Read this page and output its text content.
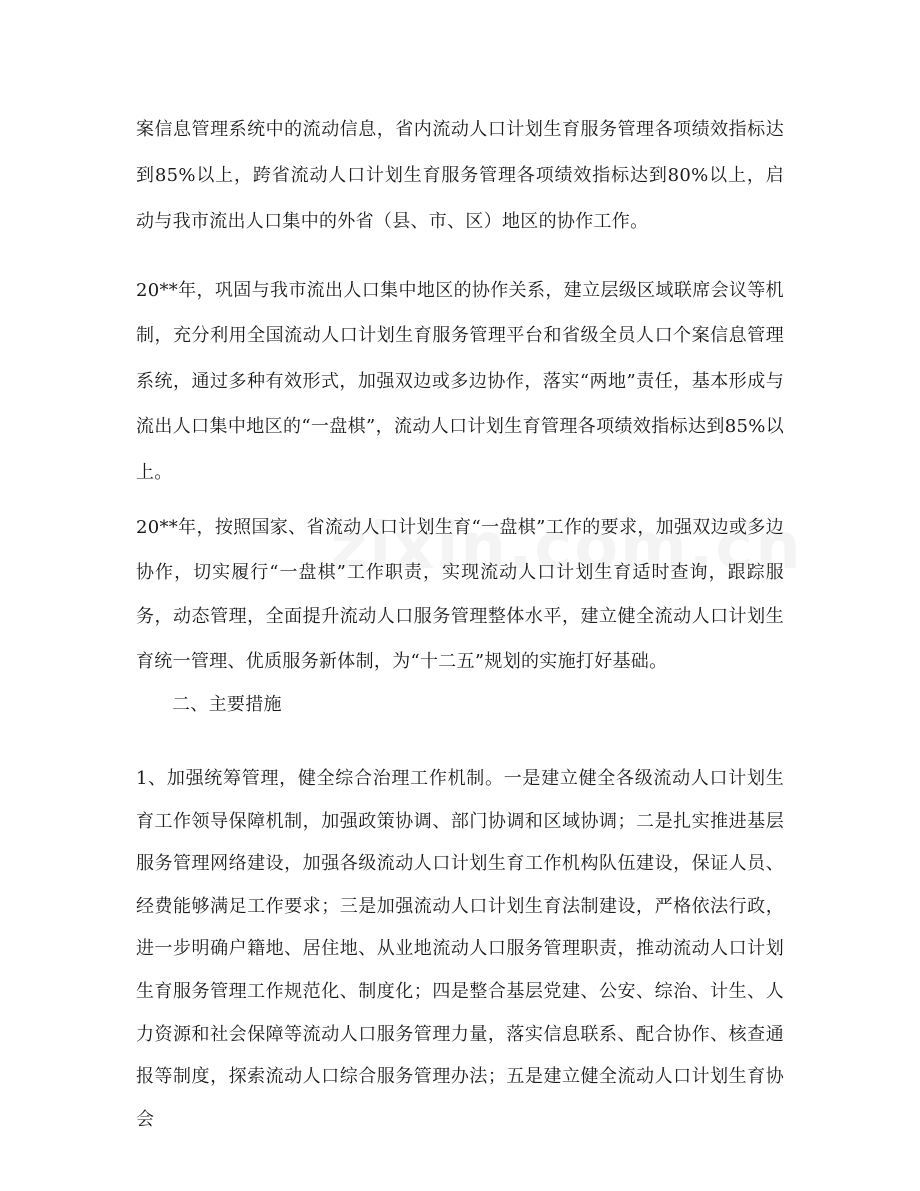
案信息管理系统中的流动信息，省内流动人口计划生育服务管理各项绩效指标达到85%以上，跨省流动人口计划生育服务管理各项绩效指标达到80%以上，启动与我市流出人口集中的外省（县、市、区）地区的协作工作。

20**年，巩固与我市流出人口集中地区的协作关系，建立层级区域联席会议等机制，充分利用全国流动人口计划生育服务管理平台和省级全员人口个案信息管理系统，通过多种有效形式，加强双边或多边协作，落实“两地”责任，基本形成与流出人口集中地区的“一盘棋”，流动人口计划生育管理各项绩效指标达到85%以上。

20**年，按照国家、省流动人口计划生育“一盘棋”工作的要求，加强双边或多边协作，切实履行“一盘棋”工作职责，实现流动人口计划生育适时查询，跟踪服务，动态管理，全面提升流动人口服务管理整体水平，建立健全流动人口计划生育统一管理、优质服务新体制，为“十二五”规划的实施打好基础。

二、主要措施

1、加强统筹管理，健全综合治理工作机制。一是建立健全各级流动人口计划生育工作领导保障机制，加强政策协调、部门协调和区域协调；二是扎实推进基层服务管理网络建设，加强各级流动人口计划生育工作机构队伍建设，保证人员、经费能够满足工作要求；三是加强流动人口计划生育法制建设，严格依法行政，进一步明确户籍地、居住地、从业地流动人口服务管理职责，推动流动人口计划生育服务管理工作规范化、制度化；四是整合基层党建、公安、综治、计生、人力资源和社会保障等流动人口服务管理力量，落实信息联系、配合协作、核查通报等制度，探索流动人口综合服务管理办法；五是建立健全流动人口计划生育协会
